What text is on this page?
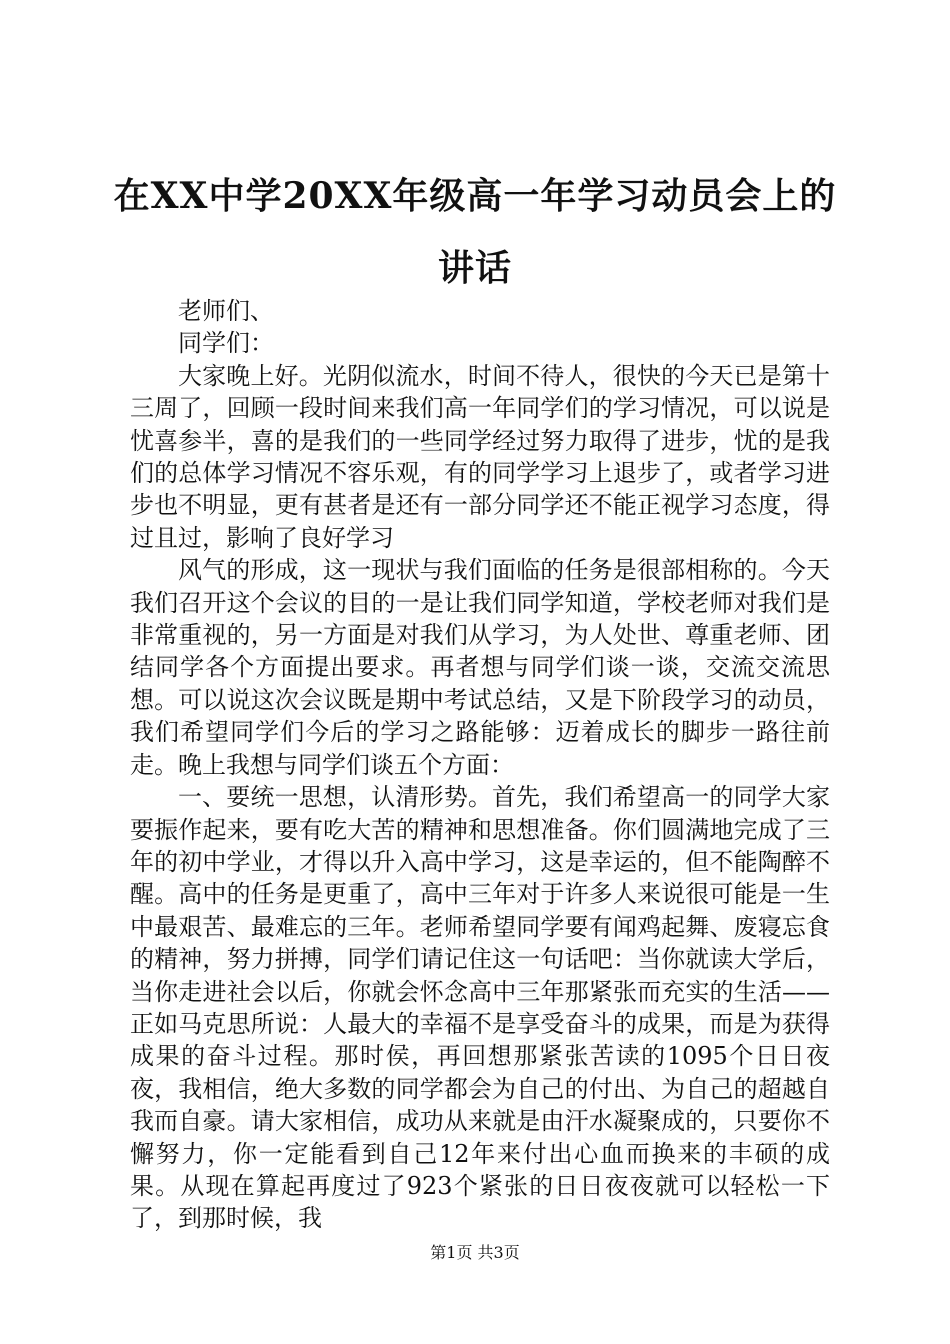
在XX中学20XX年级高一年学习动员会上的讲话

老师们、

同学们：

大家晚上好。光阴似流水，时间不待人，很快的今天已是第十三周了，回顾一段时间来我们高一年同学们的学习情况，可以说是忧喜参半，喜的是我们的一些同学经过努力取得了进步，忧的是我们的总体学习情况不容乐观，有的同学学习上退步了，或者学习进步也不明显，更有甚者是还有一部分同学还不能正视学习态度，得过且过，影响了良好学习

风气的形成，这一现状与我们面临的任务是很部相称的。今天我们召开这个会议的目的一是让我们同学知道，学校老师对我们是非常重视的，另一方面是对我们从学习，为人处世、尊重老师、团结同学各个方面提出要求。再者想与同学们谈一谈，交流交流思想。可以说这次会议既是期中考试总结，又是下阶段学习的动员，我们希望同学们今后的学习之路能够：迈着成长的脚步一路往前走。晚上我想与同学们谈五个方面：

一、要统一思想，认清形势。首先，我们希望高一的同学大家要振作起来，要有吃大苦的精神和思想准备。你们圆满地完成了三年的初中学业，才得以升入高中学习，这是幸运的，但不能陶醉不醒。高中的任务是更重了，高中三年对于许多人来说很可能是一生中最艰苦、最难忘的三年。老师希望同学要有闻鸡起舞、废寝忘食的精神，努力拼搏，同学们请记住这一句话吧：当你就读大学后，当你走进社会以后，你就会怀念高中三年那紧张而充实的生活——正如马克思所说：人最大的幸福不是享受奋斗的成果，而是为获得成果的奋斗过程。那时侯，再回想那紧张苦读的1095个日日夜夜，我相信，绝大多数的同学都会为自己的付出、为自己的超越自我而自豪。请大家相信，成功从来就是由汗水凝聚成的，只要你不懈努力，你一定能看到自己12年来付出心血而换来的丰硕的成果。从现在算起再度过了923个紧张的日日夜夜就可以轻松一下了，到那时候，我

第1页 共3页
